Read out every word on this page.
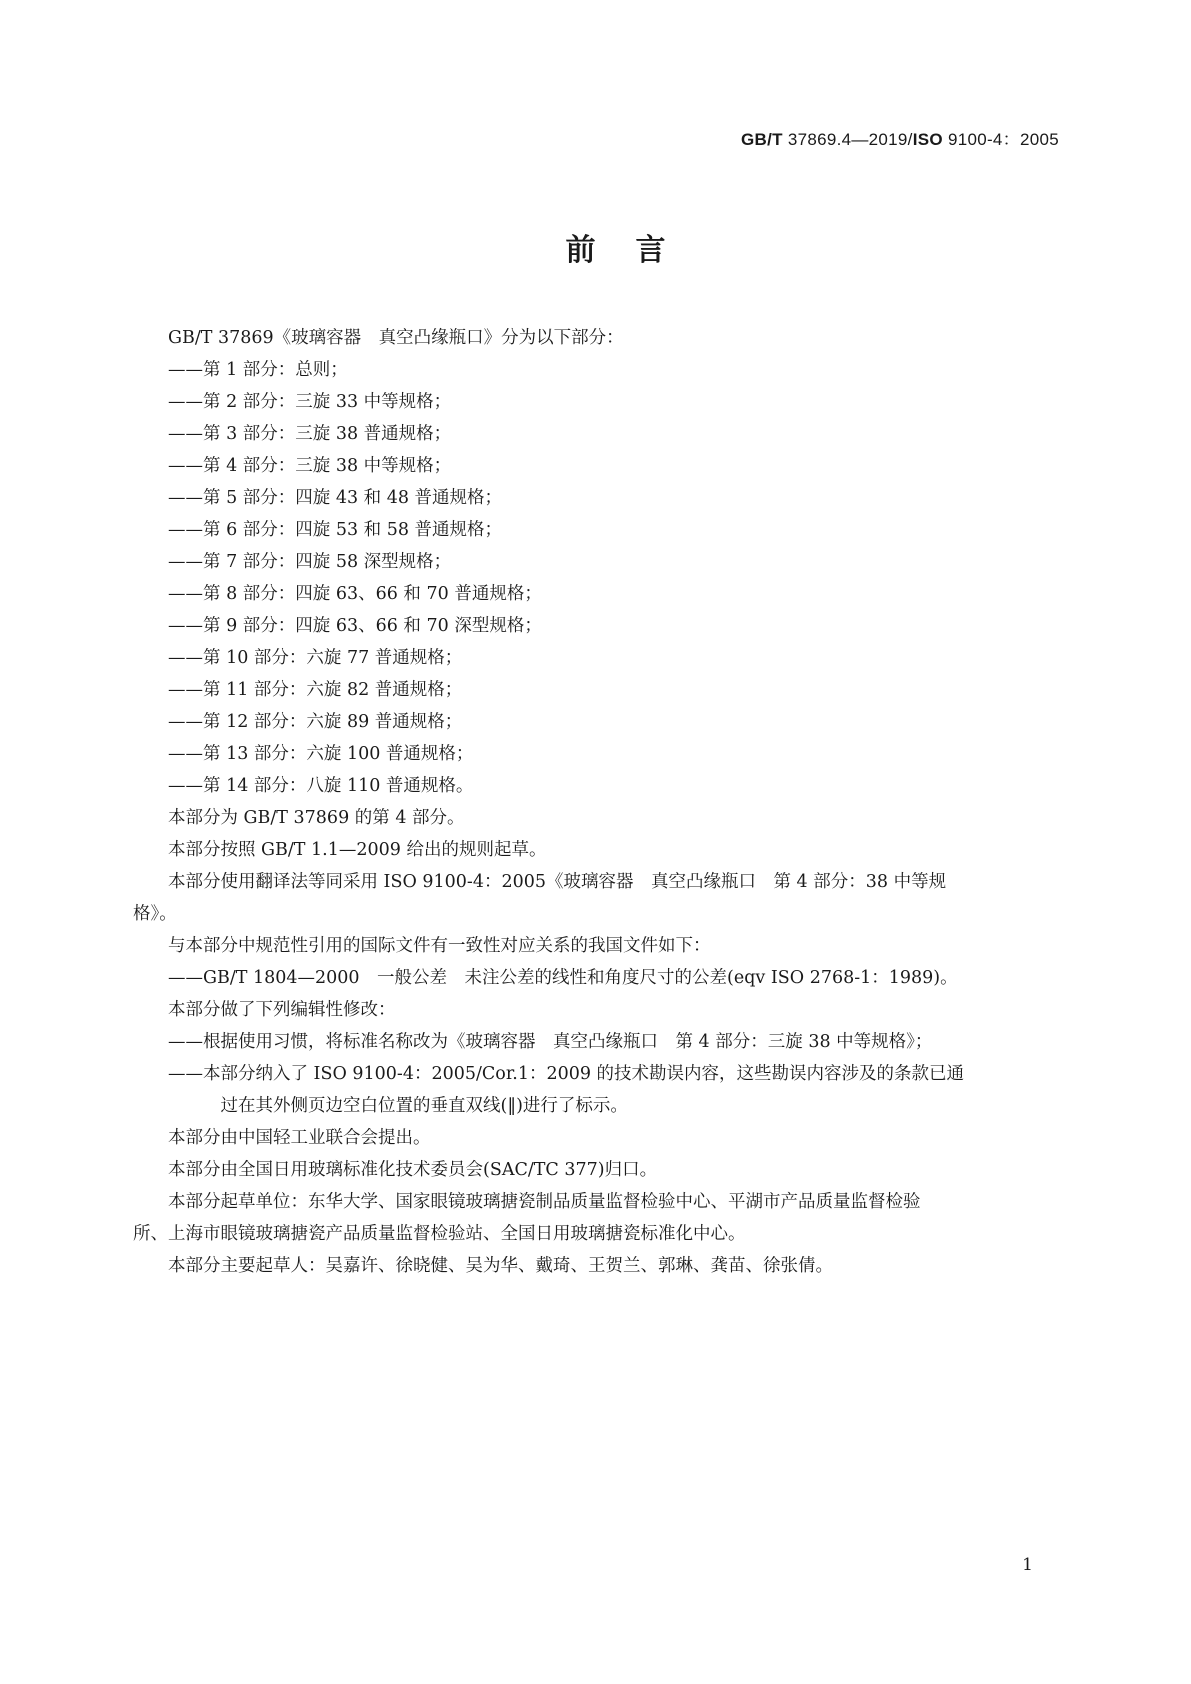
GB/T 37869.4—2019/ISO 9100-4：2005
前言

GB/T 37869《玻璃容器　真空凸缘瓶口》分为以下部分：

——第 1 部分：总则；

——第 2 部分：三旋 33 中等规格；

——第 3 部分：三旋 38 普通规格；

——第 4 部分：三旋 38 中等规格；

——第 5 部分：四旋 43 和 48 普通规格；

——第 6 部分：四旋 53 和 58 普通规格；

——第 7 部分：四旋 58 深型规格；

——第 8 部分：四旋 63、66 和 70 普通规格；

——第 9 部分：四旋 63、66 和 70 深型规格；

——第 10 部分：六旋 77 普通规格；

——第 11 部分：六旋 82 普通规格；

——第 12 部分：六旋 89 普通规格；

——第 13 部分：六旋 100 普通规格；

——第 14 部分：八旋 110 普通规格。

本部分为 GB/T 37869 的第 4 部分。

本部分按照 GB/T 1.1—2009 给出的规则起草。

本部分使用翻译法等同采用 ISO 9100-4：2005《玻璃容器　真空凸缘瓶口　第 4 部分：38 中等规

格》。

与本部分中规范性引用的国际文件有一致性对应关系的我国文件如下：

——GB/T 1804—2000　一般公差　未注公差的线性和角度尺寸的公差(eqv ISO 2768-1：1989)。

本部分做了下列编辑性修改：

——根据使用习惯，将标准名称改为《玻璃容器　真空凸缘瓶口　第 4 部分：三旋 38 中等规格》；

——本部分纳入了 ISO 9100-4：2005/Cor.1：2009 的技术勘误内容，这些勘误内容涉及的条款已通

过在其外侧页边空白位置的垂直双线(‖)进行了标示。

本部分由中国轻工业联合会提出。

本部分由全国日用玻璃标准化技术委员会(SAC/TC 377)归口。

本部分起草单位：东华大学、国家眼镜玻璃搪瓷制品质量监督检验中心、平湖市产品质量监督检验

所、上海市眼镜玻璃搪瓷产品质量监督检验站、全国日用玻璃搪瓷标准化中心。

本部分主要起草人：吴嘉许、徐晓健、吴为华、戴琦、王贺兰、郭琳、龚苗、徐张倩。

1
